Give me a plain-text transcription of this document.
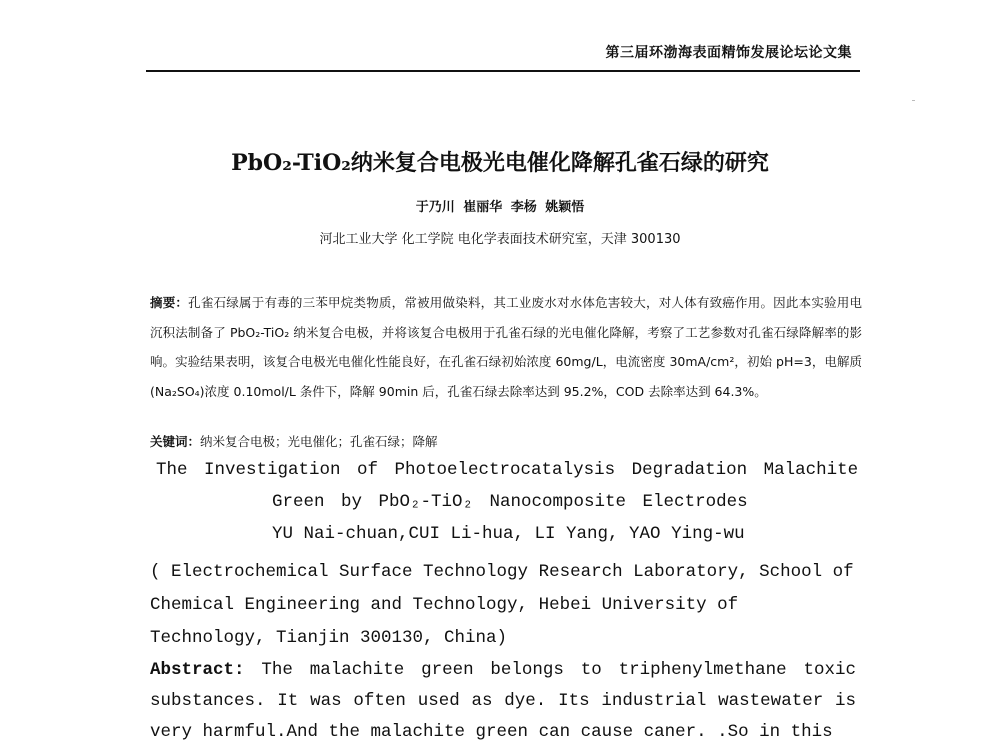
第三届环渤海表面精饰发展论坛论文集
PbO₂-TiO₂纳米复合电极光电催化降解孔雀石绿的研究
于乃川 崔丽华 李杨 姚颖悟
河北工业大学 化工学院 电化学表面技术研究室，天津 300130
摘要：孔雀石绿属于有毒的三苯甲烷类物质，常被用做染料，其工业废水对水体危害较大，对人体有致癌作用。因此本实验用电沉积法制备了 PbO₂-TiO₂ 纳米复合电极，并将该复合电极用于孔雀石绿的光电催化降解，考察了工艺参数对孔雀石绿降解率的影响。实验结果表明，该复合电极光电催化性能良好，在孔雀石绿初始浓度 60mg/L，电流密度 30mA/cm²，初始 pH=3，电解质(Na₂SO₄)浓度 0.10mol/L 条件下，降解 90min 后，孔雀石绿去除率达到 95.2%，COD 去除率达到 64.3%。
关键词：纳米复合电极；光电催化；孔雀石绿；降解
The Investigation of Photoelectrocatalysis Degradation Malachite
Green by PbO₂-TiO₂ Nanocomposite Electrodes
YU Nai-chuan,CUI Li-hua, LI Yang, YAO Ying-wu
( Electrochemical Surface Technology Research Laboratory, School of Chemical Engineering and Technology, Hebei University of Technology, Tianjin 300130, China)
Abstract: The malachite green belongs to triphenylmethane toxic substances. It was often used as dye. Its industrial wastewater is very harmful.And the malachite green can cause caner. .So in this
